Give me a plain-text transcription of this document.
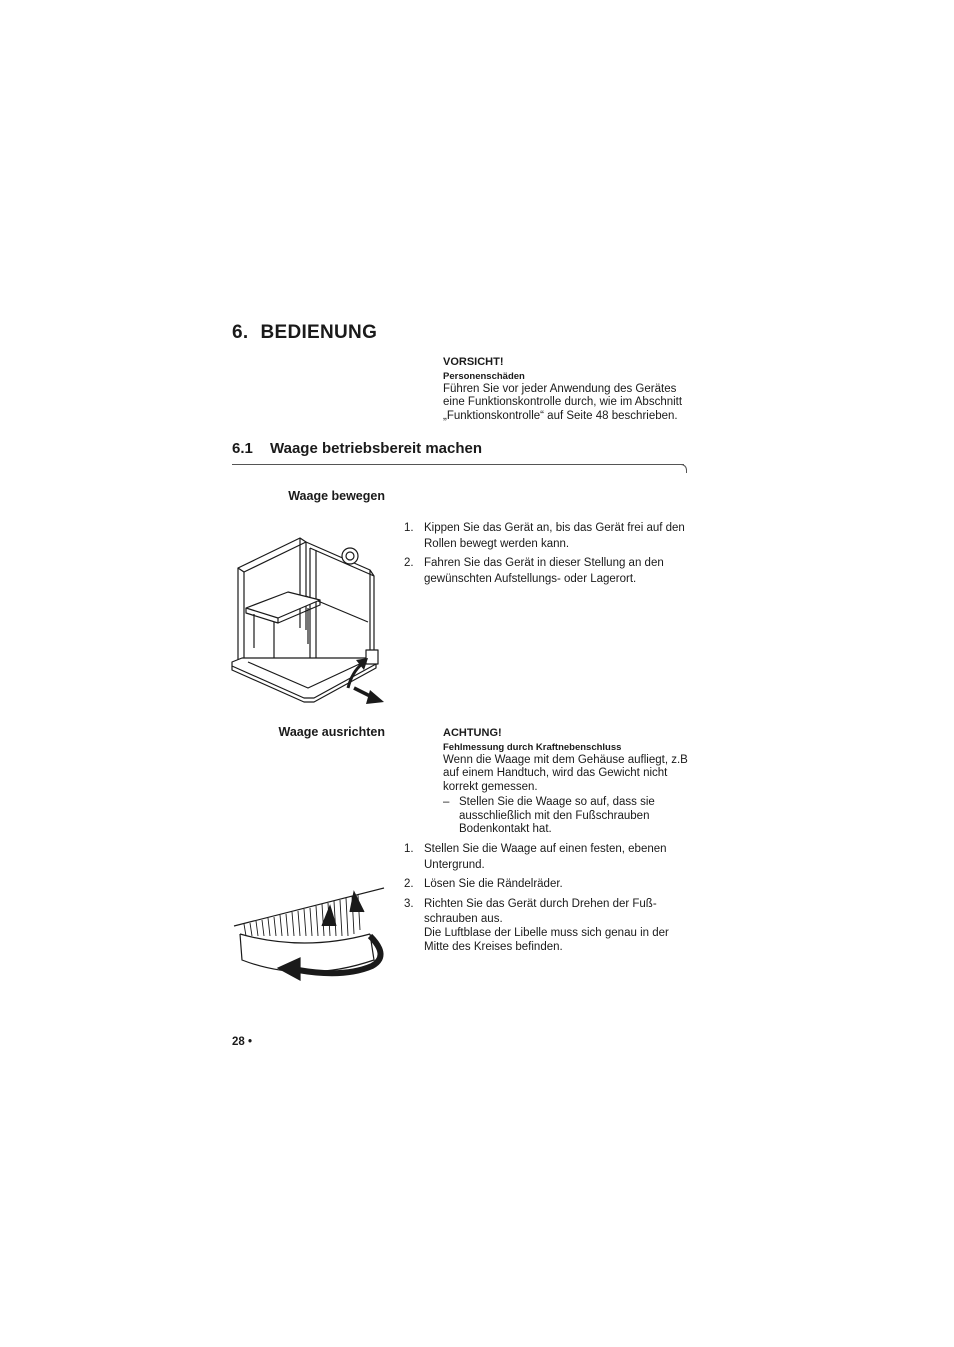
6. BEDIENUNG
VORSICHT!
Personenschäden
Führen Sie vor jeder Anwendung des Gerätes eine Funktionskontrolle durch, wie im Abschnitt „Funktionskontrolle“ auf Seite 48 beschrieben.
6.1 Waage betriebsbereit machen
Waage bewegen
1. Kippen Sie das Gerät an, bis das Gerät frei auf den Rollen bewegt werden kann.
2. Fahren Sie das Gerät in dieser Stellung an den gewünschten Aufstellungs- oder Lagerort.
Waage ausrichten	ACHTUNG!
Fehlmessung durch Kraftnebenschluss
Wenn die Waage mit dem Gehäuse aufliegt, z.B auf einem Handtuch, wird das Gewicht nicht korrekt gemessen.
– Stellen Sie die Waage so auf, dass sie ausschließlich mit den Fußschrauben Bodenkontakt hat.
1. Stellen Sie die Waage auf einen festen, ebenen Untergrund.
2. Lösen Sie die Rändelräder.
3. Richten Sie das Gerät durch Drehen der Fuß-schrauben aus.
Die Luftblase der Libelle muss sich genau in der Mitte des Kreises befinden.
28 •
